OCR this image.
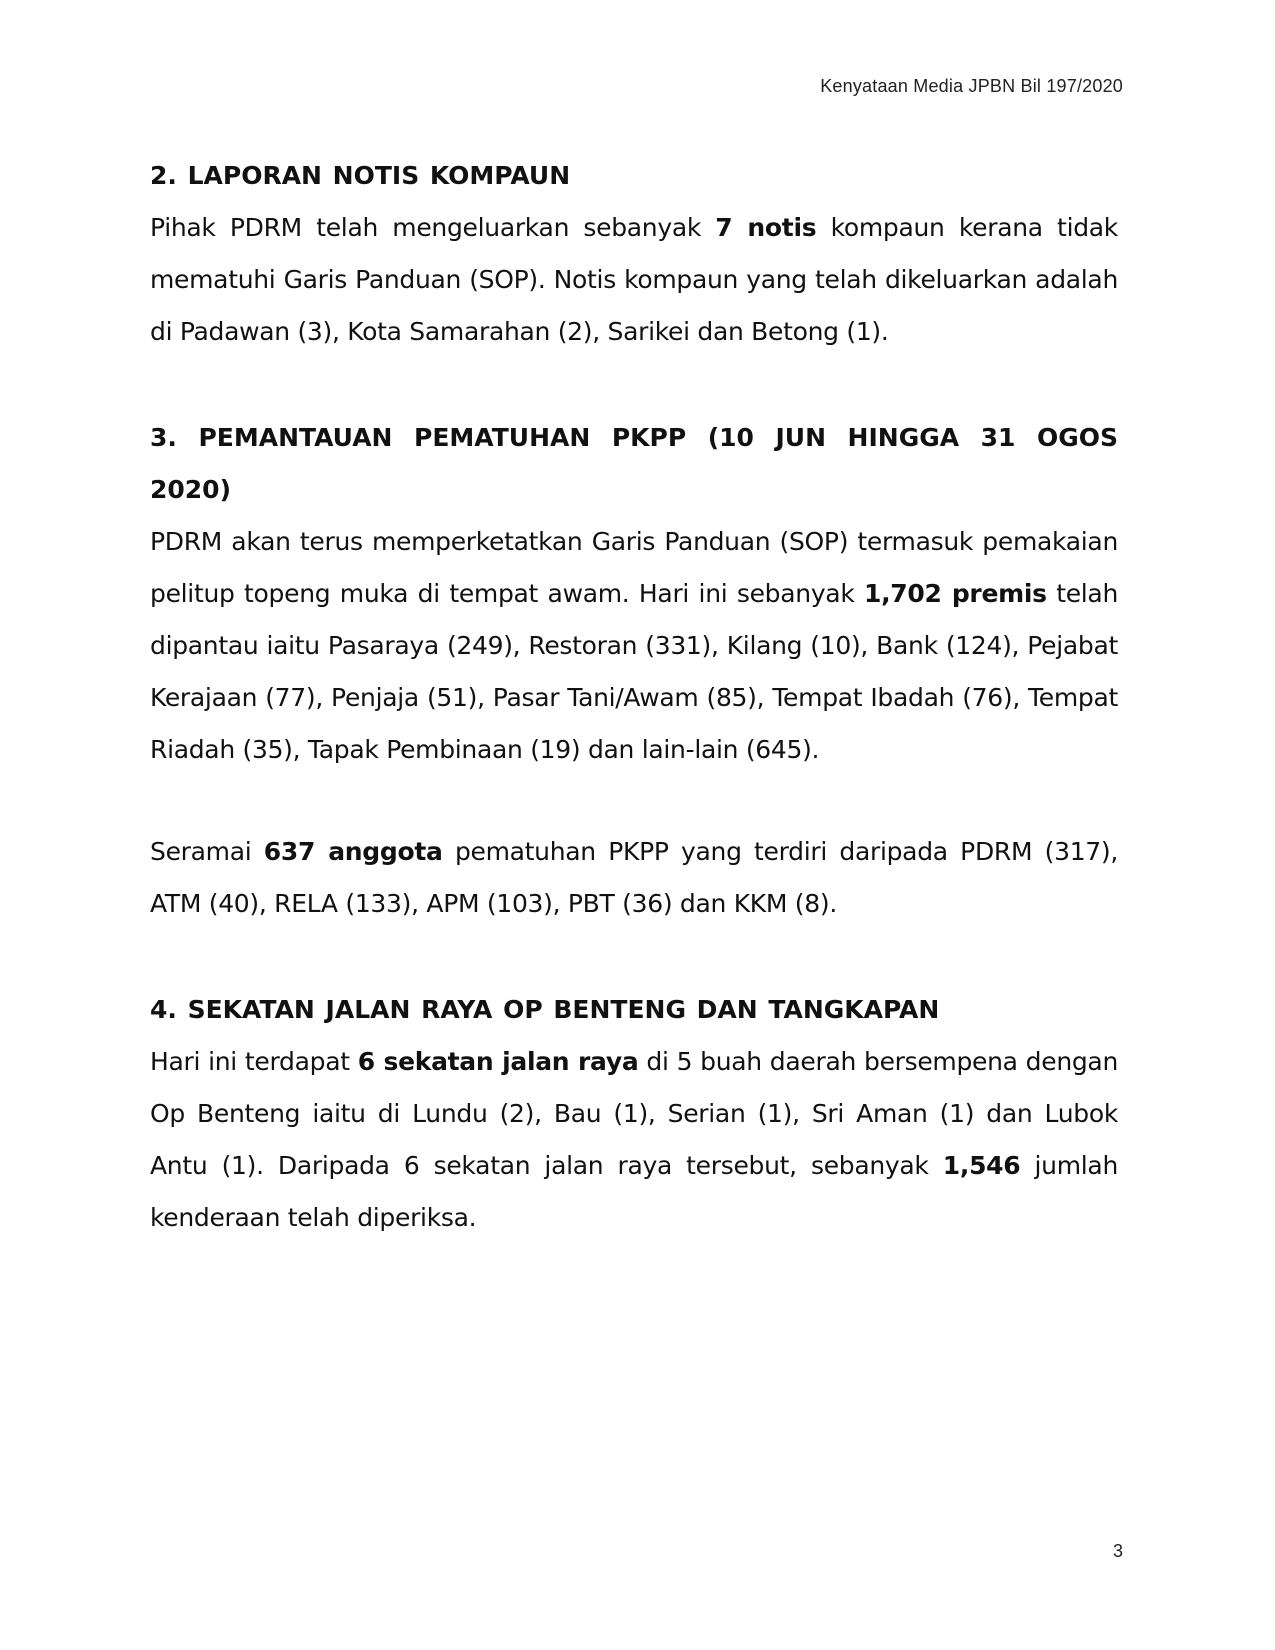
Kenyataan Media JPBN Bil 197/2020
2. LAPORAN NOTIS KOMPAUN

Pihak PDRM telah mengeluarkan sebanyak 7 notis kompaun kerana tidak mematuhi Garis Panduan (SOP). Notis kompaun yang telah dikeluarkan adalah di Padawan (3), Kota Samarahan (2), Sarikei dan Betong (1).

3. PEMANTAUAN PEMATUHAN PKPP (10 JUN HINGGA 31 OGOS 2020)

PDRM akan terus memperketatkan Garis Panduan (SOP) termasuk pemakaian pelitup topeng muka di tempat awam. Hari ini sebanyak 1,702 premis telah dipantau iaitu Pasaraya (249), Restoran (331), Kilang (10), Bank (124), Pejabat Kerajaan (77), Penjaja (51), Pasar Tani/Awam (85), Tempat Ibadah (76), Tempat Riadah (35), Tapak Pembinaan (19) dan lain-lain (645).

Seramai 637 anggota pematuhan PKPP yang terdiri daripada PDRM (317), ATM (40), RELA (133), APM (103), PBT (36) dan KKM (8).

4. SEKATAN JALAN RAYA OP BENTENG DAN TANGKAPAN

Hari ini terdapat 6 sekatan jalan raya di 5 buah daerah bersempena dengan Op Benteng iaitu di Lundu (2), Bau (1), Serian (1), Sri Aman (1) dan Lubok Antu (1). Daripada 6 sekatan jalan raya tersebut, sebanyak 1,546 jumlah kenderaan telah diperiksa.

3
